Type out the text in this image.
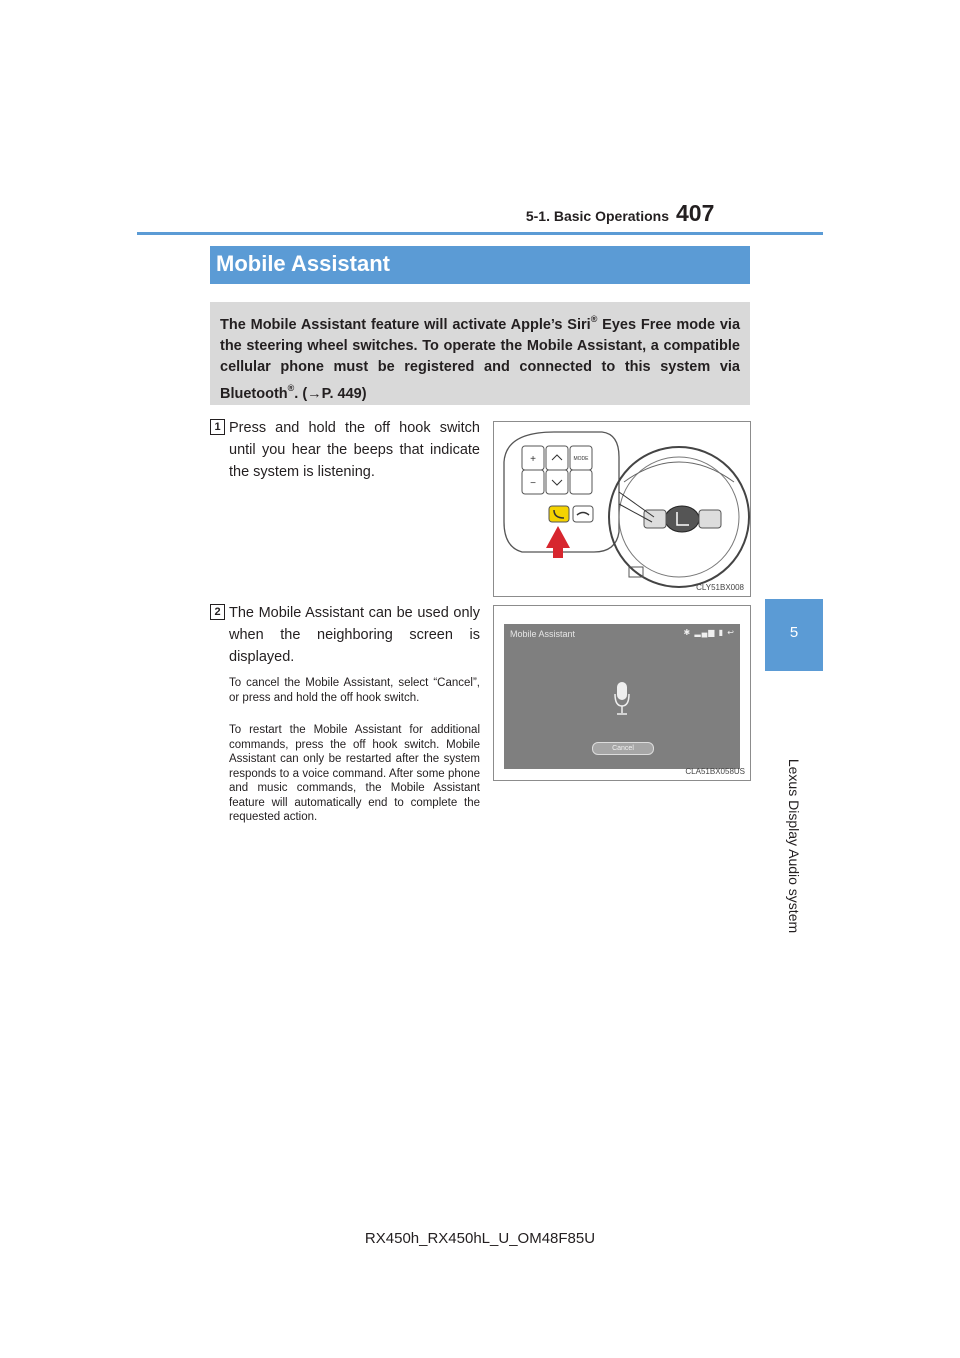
5-1. Basic Operations 407
5
Lexus Display Audio system
Mobile Assistant
The Mobile Assistant feature will activate Apple’s Siri® Eyes Free mode via the steering wheel switches. To operate the Mobile Assistant, a compatible cellular phone must be registered and connected to this system via Bluetooth®. (→P. 449)
1 Press and hold the off hook switch until you hear the beeps that indicate the system is listening.
+
−
MODE
CLY51BX008
2 The Mobile Assistant can be used only when the neighboring screen is displayed.
To cancel the Mobile Assistant, select “Cancel”, or press and hold the off hook switch.
To restart the Mobile Assistant for additional commands, press the off hook switch. Mobile Assistant can only be restarted after the system responds to a voice command. After some phone and music commands, the Mobile Assistant feature will automatically end to complete the requested action.
Mobile Assistant	✱ ▂▄▆ ▮ ↩
Cancel
CLA51BX058US
RX450h_RX450hL_U_OM48F85U
